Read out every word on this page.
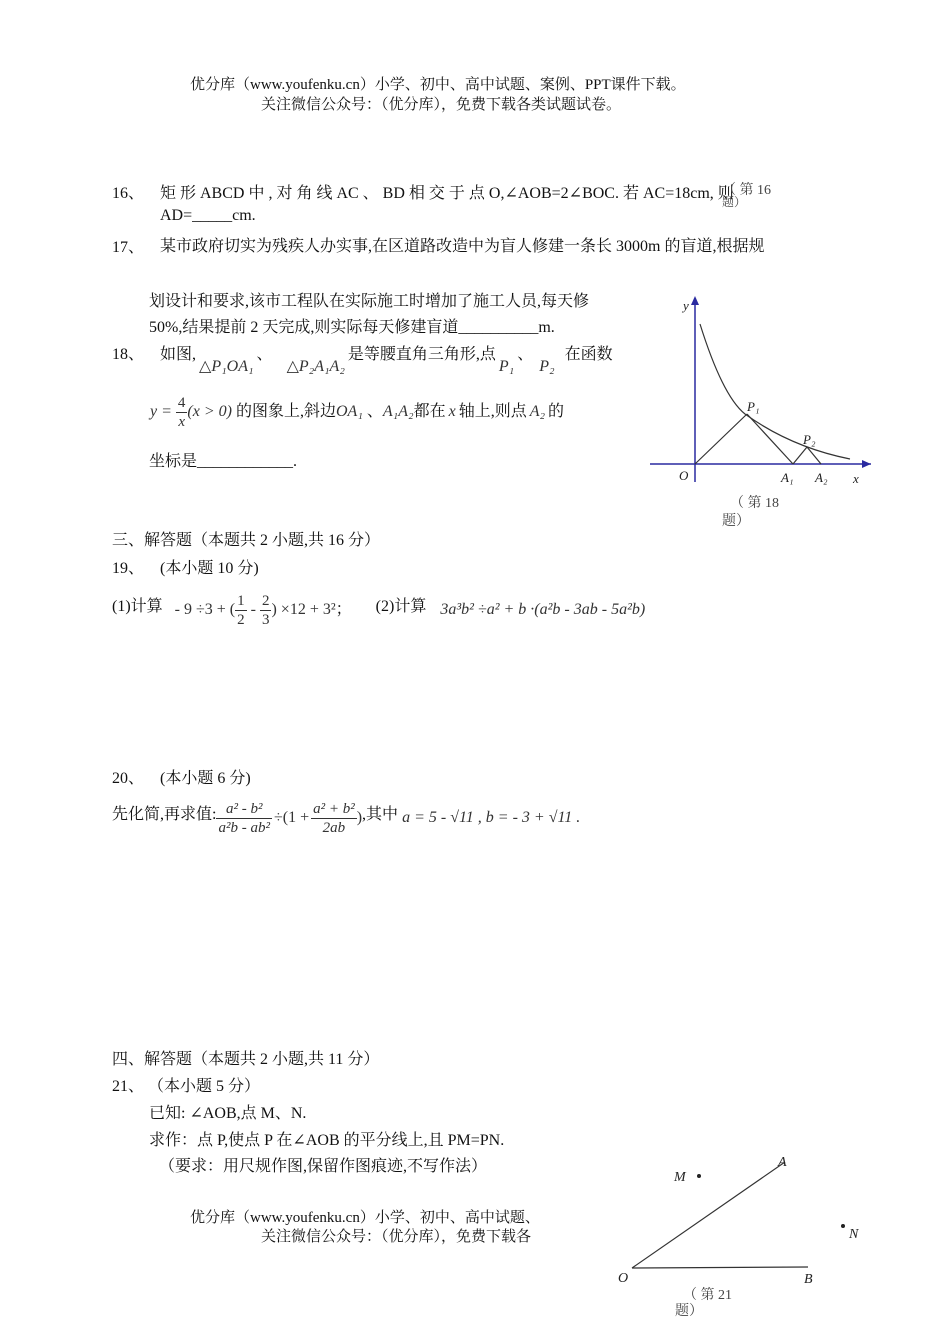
优分库（www.youfenku.cn）小学、初中、高中试题、案例、PPT课件下载。
关注微信公众号：（优分库），免费下载各类试题试卷。
16、 矩 形 ABCD 中 , 对 角 线 AC 、 BD 相 交 于 点 O,∠AOB=2∠BOC. 若 AC=18cm, 则
AD=_____cm.
（ 第 16
题）
17、 某市政府切实为残疾人办实事,在区道路改造中为盲人修建一条长 3000m 的盲道,根据规
划设计和要求,该市工程队在实际施工时增加了施工人员,每天修
50%,结果提前 2 天完成,则实际每天修建盲道__________m.
18、 如图,△P₁OA₁、△P₂A₁A₂是等腰直角三角形,点P₁、P₂在函数
$y = \frac{4}{x} (x > 0)$ 的图象上,斜边OA₁ 、A₁A₂都在 x 轴上,则点 A₂ 的
坐标是____________.
y
x
O
P₁
P₂
A₁ A₂
（ 第 18
题）
三、解答题（本题共 2 小题,共 16 分）
19、 (本小题 10 分)
(1)计算 - 9 ÷3 + ( $\frac{1}{2} - \frac{2}{3}$ ) ×12 + 3²； (2)计算 3a³b² ÷a² + b ·(a²b - 3ab - 5a²b)
20、 (本小题 6 分)
先化简,再求值: $\frac{\text{a² - b²}}{\text{a²b - ab²}} \div(1 + \frac{\text{a² + b²}}{2ab}$ ),其中 a = 5 - √11 , b = - 3 + √11 .
四、解答题（本题共 2 小题,共 11 分）
21、 （本小题 5 分）
已知: ∠AOB,点 M、N.
求作：点 P,使点 P 在∠AOB 的平分线上,且 PM=PN.
（要求：用尺规作图,保留作图痕迹,不写作法）
M
A
N
O	B
（ 第 21
题）
优分库（www.youfenku.cn）小学、初中、高中试题、
关注微信公众号：（优分库），免费下载各
